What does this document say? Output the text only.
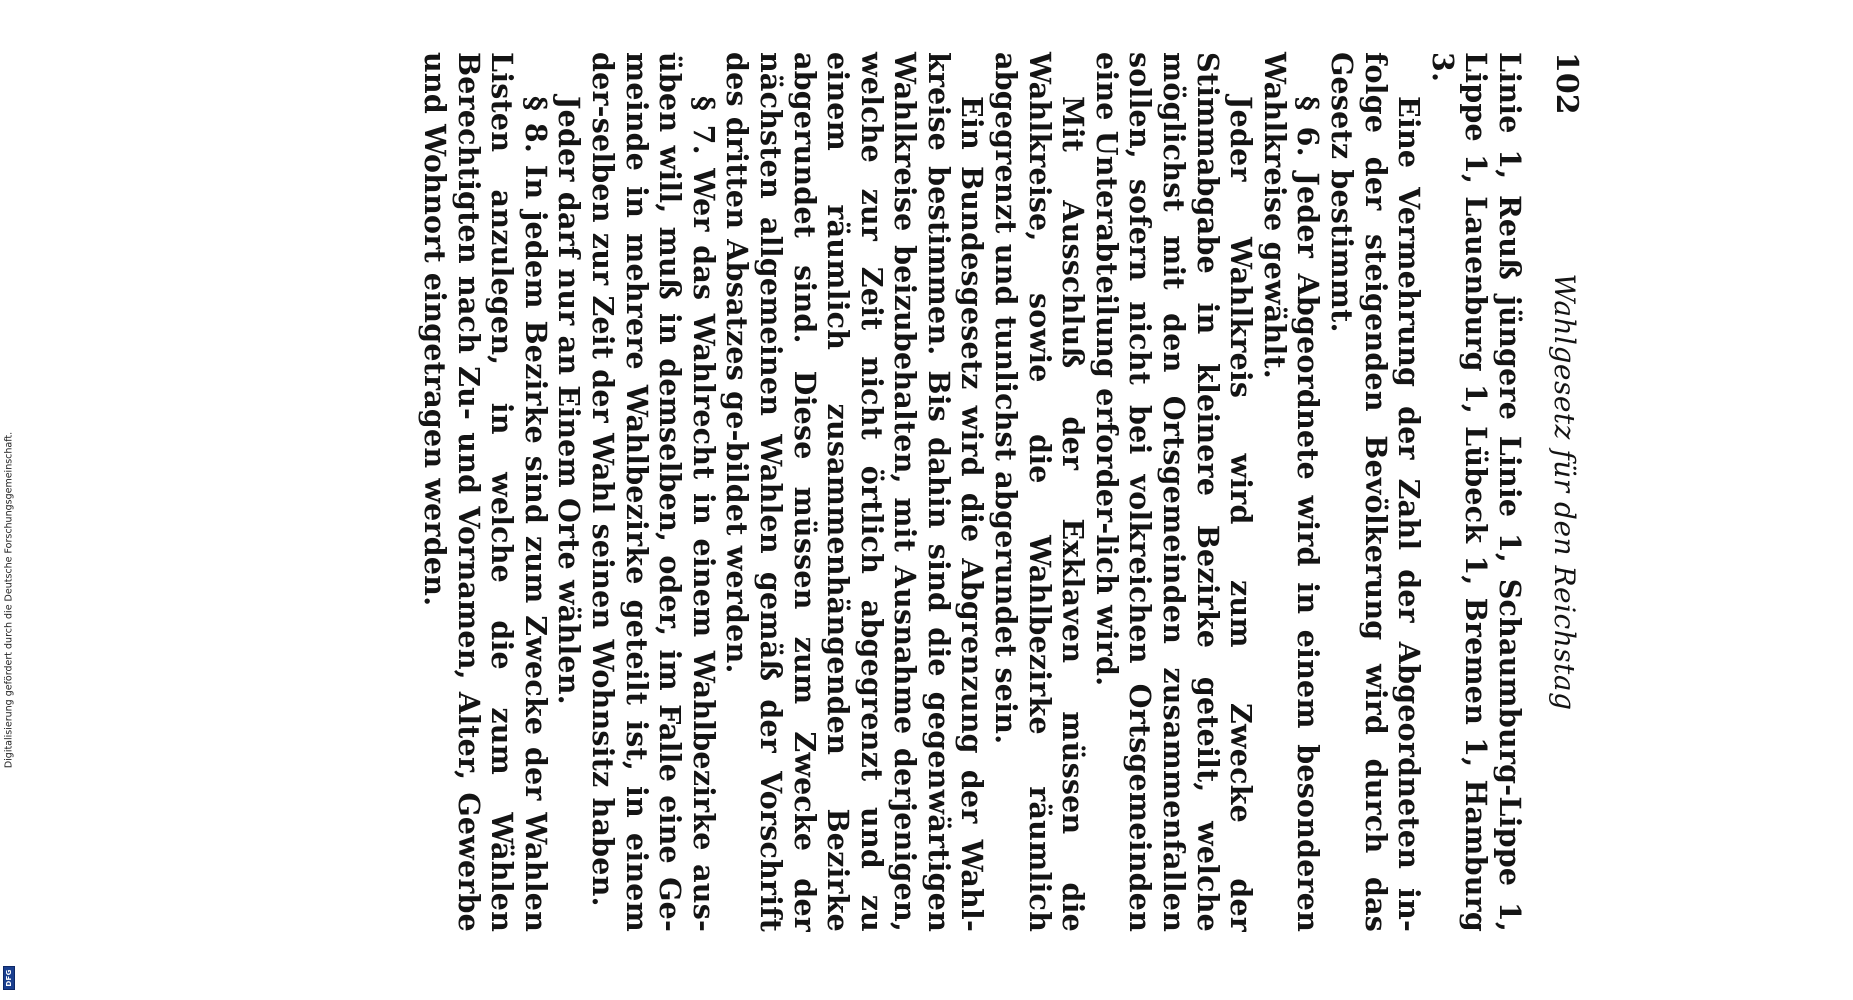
Digitalisierung gefördert durch die Deutsche Forschungsgemeinschaft.
DFG
102
Wahlgesetz für den Reichstag

Linie 1, Reuß jüngere Linie 1, Schaumburg-Lippe 1, Lippe 1, Lauenburg 1, Lübeck 1, Bremen 1, Hamburg 3.

Eine Vermehrung der Zahl der Abgeordneten in-folge der steigenden Bevölkerung wird durch das Gesetz bestimmt.

§ 6. Jeder Abgeordnete wird in einem besonderen Wahlkreise gewählt.

Jeder Wahlkreis wird zum Zwecke der Stimmabgabe in kleinere Bezirke geteilt, welche möglichst mit den Ortsgemeinden zusammenfallen sollen, sofern nicht bei volkreichen Ortsgemeinden eine Unterabteilung erforder-lich wird.

Mit Ausschluß der Exklaven müssen die Wahlkreise, sowie die Wahlbezirke räumlich abgegrenzt und tunlichst abgerundet sein.

Ein Bundesgesetz wird die Abgrenzung der Wahl-kreise bestimmen. Bis dahin sind die gegenwärtigen Wahlkreise beizubehalten, mit Ausnahme derjenigen, welche zur Zeit nicht örtlich abgegrenzt und zu einem räumlich zusammenhängenden Bezirke abgerundet sind. Diese müssen zum Zwecke der nächsten allgemeinen Wahlen gemäß der Vorschrift des dritten Absatzes ge-bildet werden.

§ 7. Wer das Wahlrecht in einem Wahlbezirke aus-üben will, muß in demselben, oder, im Falle eine Ge-meinde in mehrere Wahlbezirke geteilt ist, in einem der-selben zur Zeit der Wahl seinen Wohnsitz haben.

Jeder darf nur an Einem Orte wählen.

§ 8. In jedem Bezirke sind zum Zwecke der Wahlen Listen anzulegen, in welche die zum Wählen Berechtigten nach Zu- und Vornamen, Alter, Gewerbe und Wohnort eingetragen werden.
